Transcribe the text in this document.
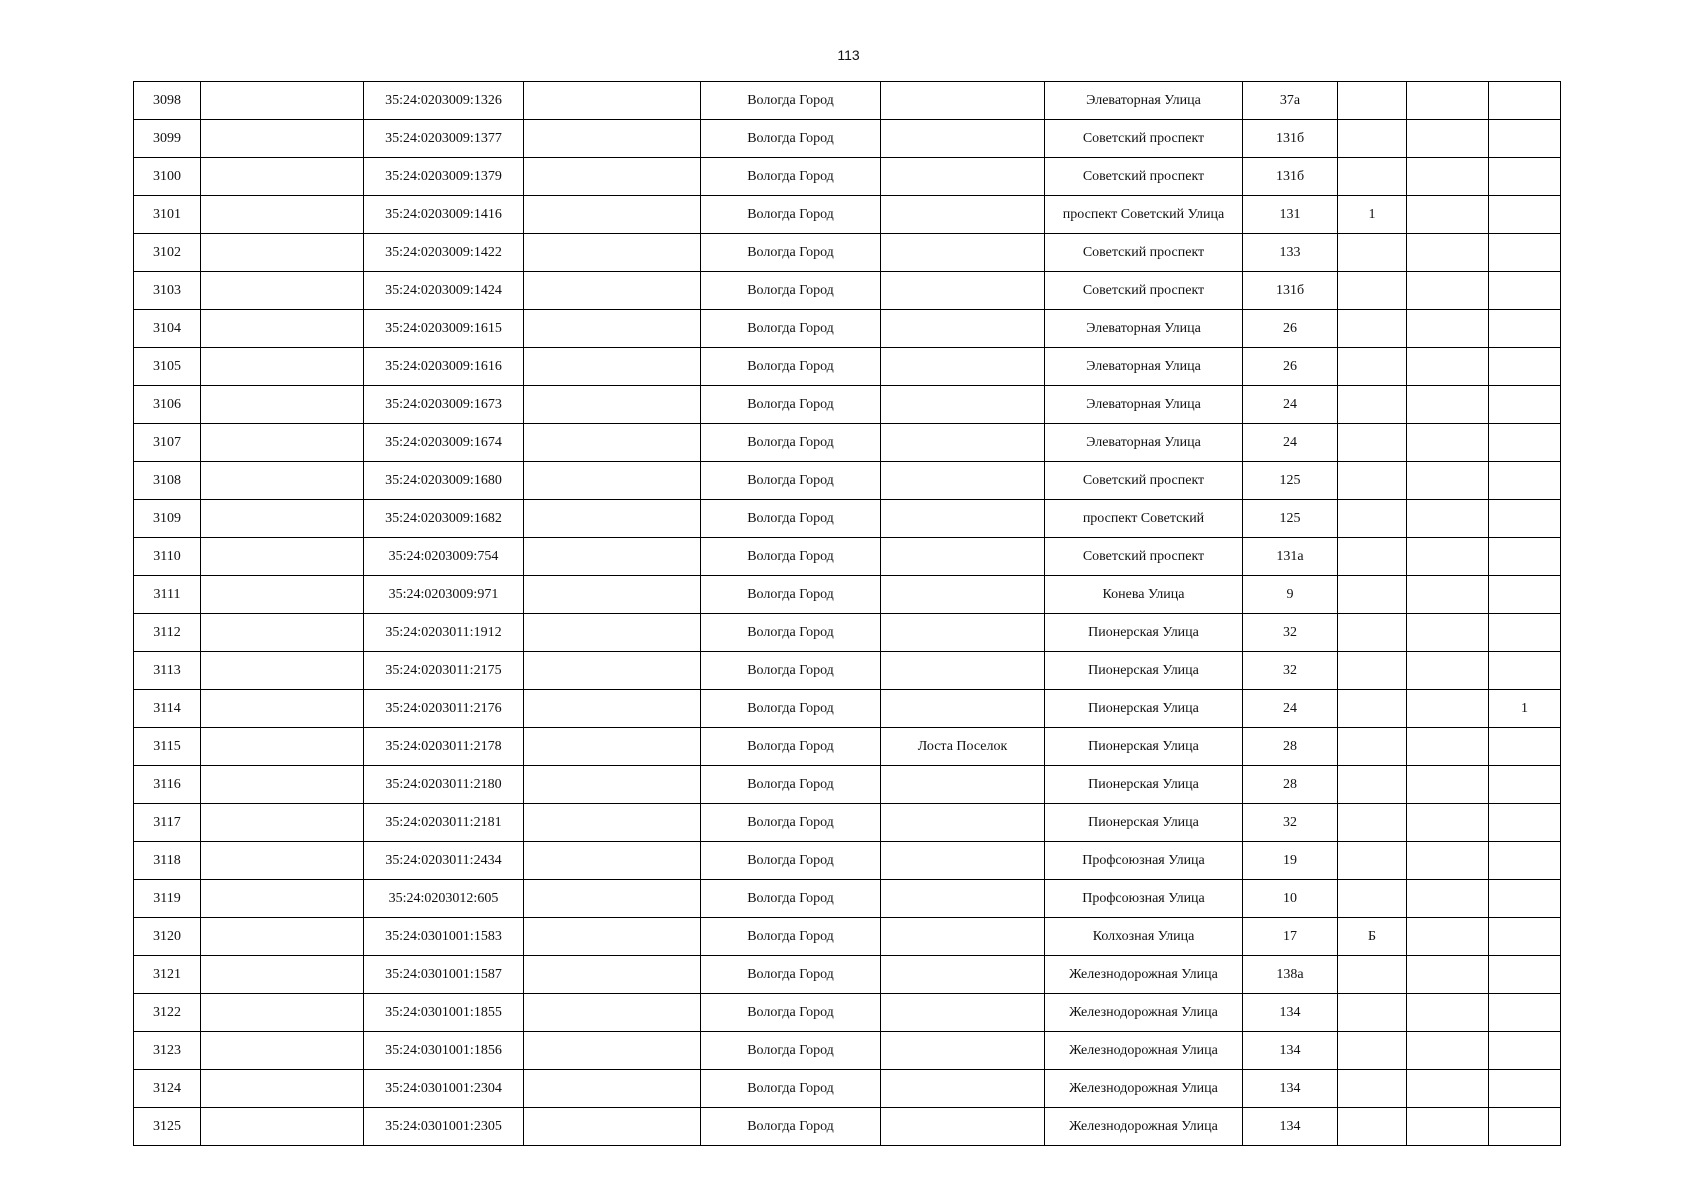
113
3098		35:24:0203009:1326		Вологда Город		Элеваторная Улица	37а			
3099		35:24:0203009:1377		Вологда Город		Советский проспект	131б			
3100		35:24:0203009:1379		Вологда Город		Советский проспект	131б			
3101		35:24:0203009:1416		Вологда Город		проспект Советский Улица	131	1		
3102		35:24:0203009:1422		Вологда Город		Советский проспект	133			
3103		35:24:0203009:1424		Вологда Город		Советский проспект	131б			
3104		35:24:0203009:1615		Вологда Город		Элеваторная Улица	26			
3105		35:24:0203009:1616		Вологда Город		Элеваторная Улица	26			
3106		35:24:0203009:1673		Вологда Город		Элеваторная Улица	24			
3107		35:24:0203009:1674		Вологда Город		Элеваторная Улица	24			
3108		35:24:0203009:1680		Вологда Город		Советский проспект	125			
3109		35:24:0203009:1682		Вологда Город		проспект Советский	125			
3110		35:24:0203009:754		Вологда Город		Советский проспект	131а			
3111		35:24:0203009:971		Вологда Город		Конева Улица	9			
3112		35:24:0203011:1912		Вологда Город		Пионерская Улица	32			
3113		35:24:0203011:2175		Вологда Город		Пионерская Улица	32			
3114		35:24:0203011:2176		Вологда Город		Пионерская Улица	24			1
3115		35:24:0203011:2178		Вологда Город	Лоста Поселок	Пионерская Улица	28			
3116		35:24:0203011:2180		Вологда Город		Пионерская Улица	28			
3117		35:24:0203011:2181		Вологда Город		Пионерская Улица	32			
3118		35:24:0203011:2434		Вологда Город		Профсоюзная Улица	19			
3119		35:24:0203012:605		Вологда Город		Профсоюзная Улица	10			
3120		35:24:0301001:1583		Вологда Город		Колхозная Улица	17	Б		
3121		35:24:0301001:1587		Вологда Город		Железнодорожная Улица	138а			
3122		35:24:0301001:1855		Вологда Город		Железнодорожная Улица	134			
3123		35:24:0301001:1856		Вологда Город		Железнодорожная Улица	134			
3124		35:24:0301001:2304		Вологда Город		Железнодорожная Улица	134			
3125		35:24:0301001:2305		Вологда Город		Железнодорожная Улица	134			
